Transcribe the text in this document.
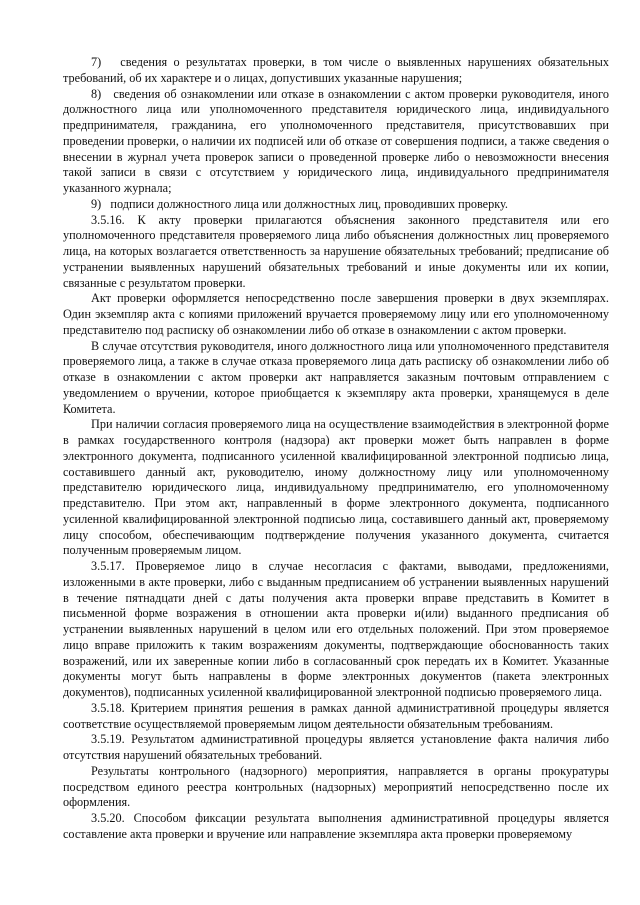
7)   сведения о результатах проверки, в том числе о выявленных нарушениях обязательных требований, об их характере и о лицах, допустивших указанные нарушения;

8)   сведения об ознакомлении или отказе в ознакомлении с актом проверки руководителя, иного должностного лица или уполномоченного представителя юридического лица, индивидуального предпринимателя, гражданина, его уполномоченного представителя, присутствовавших при проведении проверки, о наличии их подписей или об отказе от совершения подписи, а также сведения о внесении в журнал учета проверок записи о проведенной проверке либо о невозможности внесения такой записи в связи с отсутствием у юридического лица, индивидуального предпринимателя указанного журнала;

9)   подписи должностного лица или должностных лиц, проводивших проверку.

3.5.16. К акту проверки прилагаются объяснения законного представителя или его уполномоченного представителя проверяемого лица либо объяснения должностных лиц проверяемого лица, на которых возлагается ответственность за нарушение обязательных требований; предписание об устранении выявленных нарушений обязательных требований и иные документы или их копии, связанные с результатом проверки.

Акт проверки оформляется непосредственно после завершения проверки в двух экземплярах. Один экземпляр акта с копиями приложений вручается проверяемому лицу или его уполномоченному представителю под расписку об ознакомлении либо об отказе в ознакомлении с актом проверки.

В случае отсутствия руководителя, иного должностного лица или уполномоченного представителя проверяемого лица, а также в случае отказа проверяемого лица дать расписку об ознакомлении либо об отказе в ознакомлении с актом проверки акт направляется заказным почтовым отправлением с уведомлением о вручении, которое приобщается к экземпляру акта проверки, хранящемуся в деле Комитета.

При наличии согласия проверяемого лица на осуществление взаимодействия в электронной форме в рамках государственного контроля (надзора) акт проверки может быть направлен в форме электронного документа, подписанного усиленной квалифицированной электронной подписью лица, составившего данный акт, руководителю, иному должностному лицу или уполномоченному представителю юридического лица, индивидуальному предпринимателю, его уполномоченному представителю. При этом акт, направленный в форме электронного документа, подписанного усиленной квалифицированной электронной подписью лица, составившего данный акт, проверяемому лицу способом, обеспечивающим подтверждение получения указанного документа, считается полученным проверяемым лицом.

3.5.17. Проверяемое лицо в случае несогласия с фактами, выводами, предложениями, изложенными в акте проверки, либо с выданным предписанием об устранении выявленных нарушений в течение пятнадцати дней с даты получения акта проверки вправе представить в Комитет в письменной форме возражения в отношении акта проверки и(или) выданного предписания об устранении выявленных нарушений в целом или его отдельных положений. При этом проверяемое лицо вправе приложить к таким возражениям документы, подтверждающие обоснованность таких возражений, или их заверенные копии либо в согласованный срок передать их в Комитет. Указанные документы могут быть направлены в форме электронных документов (пакета электронных документов), подписанных усиленной квалифицированной электронной подписью проверяемого лица.

3.5.18. Критерием принятия решения в рамках данной административной процедуры является соответствие осуществляемой проверяемым лицом деятельности обязательным требованиям.

3.5.19. Результатом административной процедуры является установление факта наличия либо отсутствия нарушений обязательных требований.

Результаты контрольного (надзорного) мероприятия, направляется в органы прокуратуры посредством единого реестра контрольных (надзорных) мероприятий непосредственно после их оформления.

3.5.20. Способом фиксации результата выполнения административной процедуры является составление акта проверки и вручение или направление экземпляра акта проверки проверяемому
